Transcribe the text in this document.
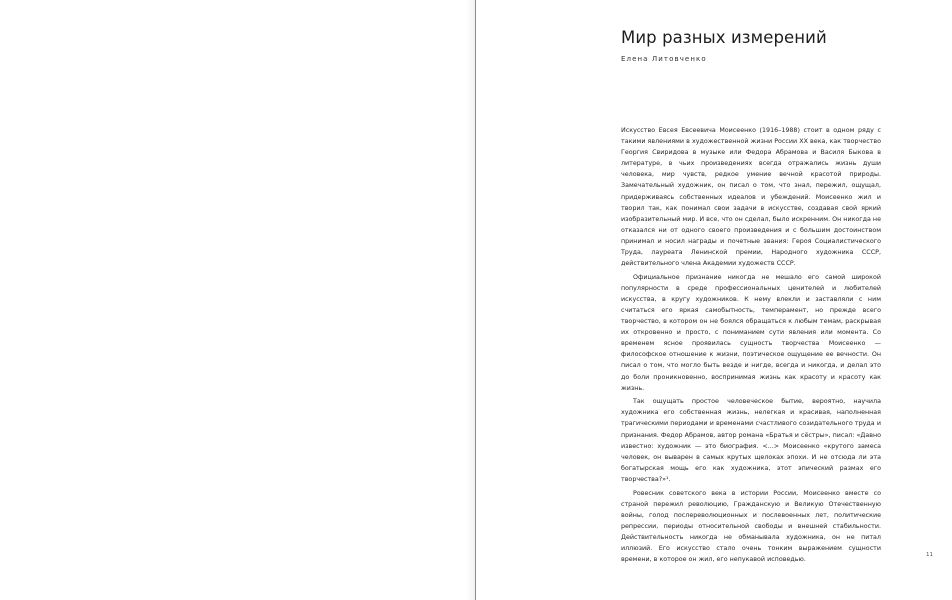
Мир разных измерений
Елена Литовченко

Искусство Евсея Евсеевича Моисеенко (1916–1988) стоит в одном ряду с такими явлениями в художественной жизни России XX века, как творчество Георгия Свиридова в музыке или Федора Абрамова и Василя Быкова в литературе, в чьих произведениях всегда отражались жизнь души человека, мир чувств, редкое умение вечной красотой природы. Замечательный художник, он писал о том, что знал, пережил, ощущал, придерживаясь собственных идеалов и убеждений. Моисеенко жил и творил так, как понимал свои задачи в искусстве, создавая свой яркий изобразительный мир. И все, что он сделал, было искренним. Он никогда не отказался ни от одного своего произведения и с большим достоинством принимал и носил награды и почетные звания: Героя Социалистического Труда, лауреата Ленинской премии, Народного художника СССР, действительного члена Академии художеств СССР.

Официальное признание никогда не мешало его самой широкой популярности в среде профессиональных ценителей и любителей искусства, в кругу художников. К нему влекли и заставляли с ним считаться его яркая самобытность, темперамент, но прежде всего творчество, в котором он не боялся обращаться к любым темам, раскрывая их откровенно и просто, с пониманием сути явления или момента. Со временем ясное проявилась сущность творчества Моисеенко — философское отношение к жизни, поэтическое ощущение ее вечности. Он писал о том, что могло быть везде и нигде, всегда и никогда, и делал это до боли проникновенно, воспринимая жизнь как красоту и красоту как жизнь.

Так ощущать простое человеческое бытие, вероятно, научила художника его собственная жизнь, нелегкая и красивая, наполненная трагическими периодами и временами счастливого созидательного труда и признания. Федор Абрамов, автор романа «Братья и сёстры», писал: «Давно известно: художник — это биография. <...> Моисеенко «крутого замеса человек, он выварен в самых крутых щелоках эпохи. И не отсюда ли эта богатырская мощь его как художника, этот эпический размах его творчества?»¹.

Ровесник советского века в истории России, Моисеенко вместе со страной пережил революцию, Гражданскую и Великую Отечественную войны, голод послереволюционных и послевоенных лет, политические репрессии, периоды относительной свободы и внешней стабильности. Действительность никогда не обманывала художника, он не питал иллюзий. Его искусство стало очень тонким выражением сущности времени, в которое он жил, его непукавой исповедью.

11
